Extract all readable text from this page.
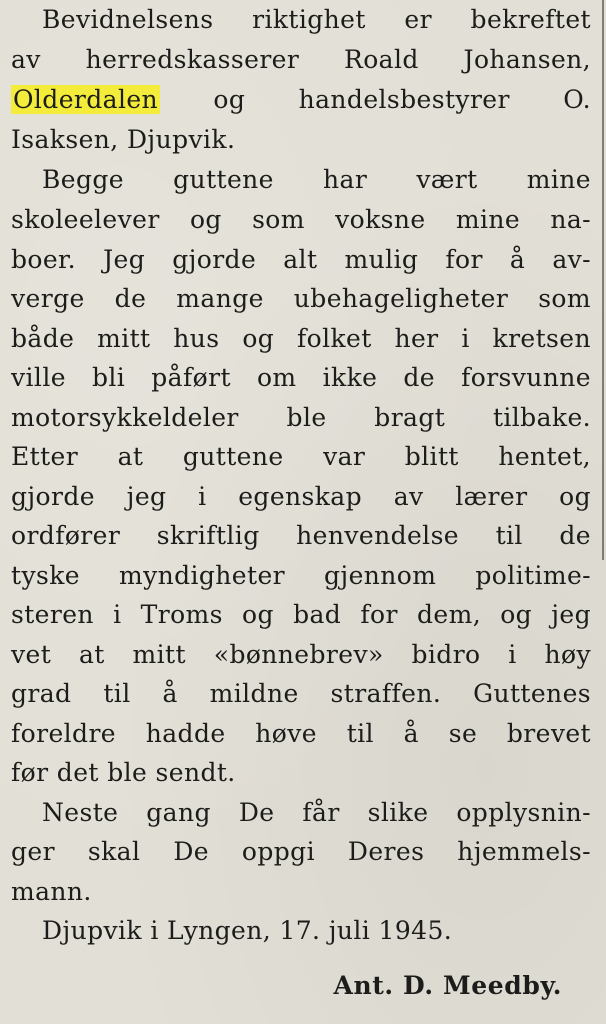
Bevidnelsens riktighet er bekreftet
av herredskasserer Roald Johansen,
Olderdalen og handelsbestyrer O.
Isaksen, Djupvik.
Begge guttene har vært mine
skoleelever og som voksne mine na-
boer. Jeg gjorde alt mulig for å av-
verge de mange ubehageligheter som
både mitt hus og folket her i kretsen
ville bli påført om ikke de forsvunne
motorsykkeldeler ble bragt tilbake.
Etter at guttene var blitt hentet,
gjorde jeg i egenskap av lærer og
ordfører skriftlig henvendelse til de
tyske myndigheter gjennom politime-
steren i Troms og bad for dem, og jeg
vet at mitt «bønnebrev» bidro i høy
grad til å mildne straffen. Guttenes
foreldre hadde høve til å se brevet
før det ble sendt.
Neste gang De får slike opplysnin-
ger skal De oppgi Deres hjemmels-
mann.
Djupvik i Lyngen, 17. juli 1945.
Ant. D. Meedby.
